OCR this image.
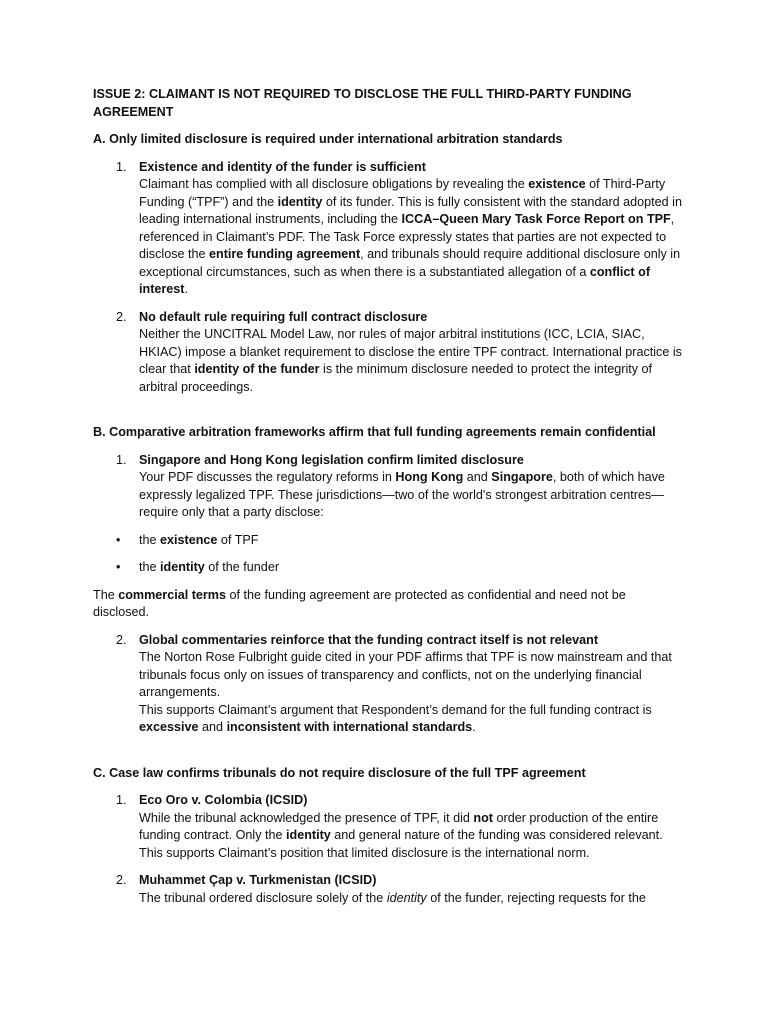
ISSUE 2: CLAIMANT IS NOT REQUIRED TO DISCLOSE THE FULL THIRD-PARTY FUNDING AGREEMENT

A. Only limited disclosure is required under international arbitration standards

1. Existence and identity of the funder is sufficient
Claimant has complied with all disclosure obligations by revealing the existence of Third-Party Funding (“TPF”) and the identity of its funder. This is fully consistent with the standard adopted in leading international instruments, including the ICCA–Queen Mary Task Force Report on TPF, referenced in Claimant’s PDF. The Task Force expressly states that parties are not expected to disclose the entire funding agreement, and tribunals should require additional disclosure only in exceptional circumstances, such as when there is a substantiated allegation of a conflict of interest.
2. No default rule requiring full contract disclosure
Neither the UNCITRAL Model Law, nor rules of major arbitral institutions (ICC, LCIA, SIAC, HKIAC) impose a blanket requirement to disclose the entire TPF contract. International practice is clear that identity of the funder is the minimum disclosure needed to protect the integrity of arbitral proceedings.

B. Comparative arbitration frameworks affirm that full funding agreements remain confidential

1. Singapore and Hong Kong legislation confirm limited disclosure
Your PDF discusses the regulatory reforms in Hong Kong and Singapore, both of which have expressly legalized TPF. These jurisdictions—two of the world's strongest arbitration centres—require only that a party disclose:
• the existence of TPF
• the identity of the funder

The commercial terms of the funding agreement are protected as confidential and need not be disclosed.

2. Global commentaries reinforce that the funding contract itself is not relevant
The Norton Rose Fulbright guide cited in your PDF affirms that TPF is now mainstream and that tribunals focus only on issues of transparency and conflicts, not on the underlying financial arrangements.
This supports Claimant’s argument that Respondent’s demand for the full funding contract is excessive and inconsistent with international standards.

C. Case law confirms tribunals do not require disclosure of the full TPF agreement

1. Eco Oro v. Colombia (ICSID)
While the tribunal acknowledged the presence of TPF, it did not order production of the entire funding contract. Only the identity and general nature of the funding was considered relevant.
This supports Claimant’s position that limited disclosure is the international norm.
2. Muhammet Çap v. Turkmenistan (ICSID)
The tribunal ordered disclosure solely of the identity of the funder, rejecting requests for the
